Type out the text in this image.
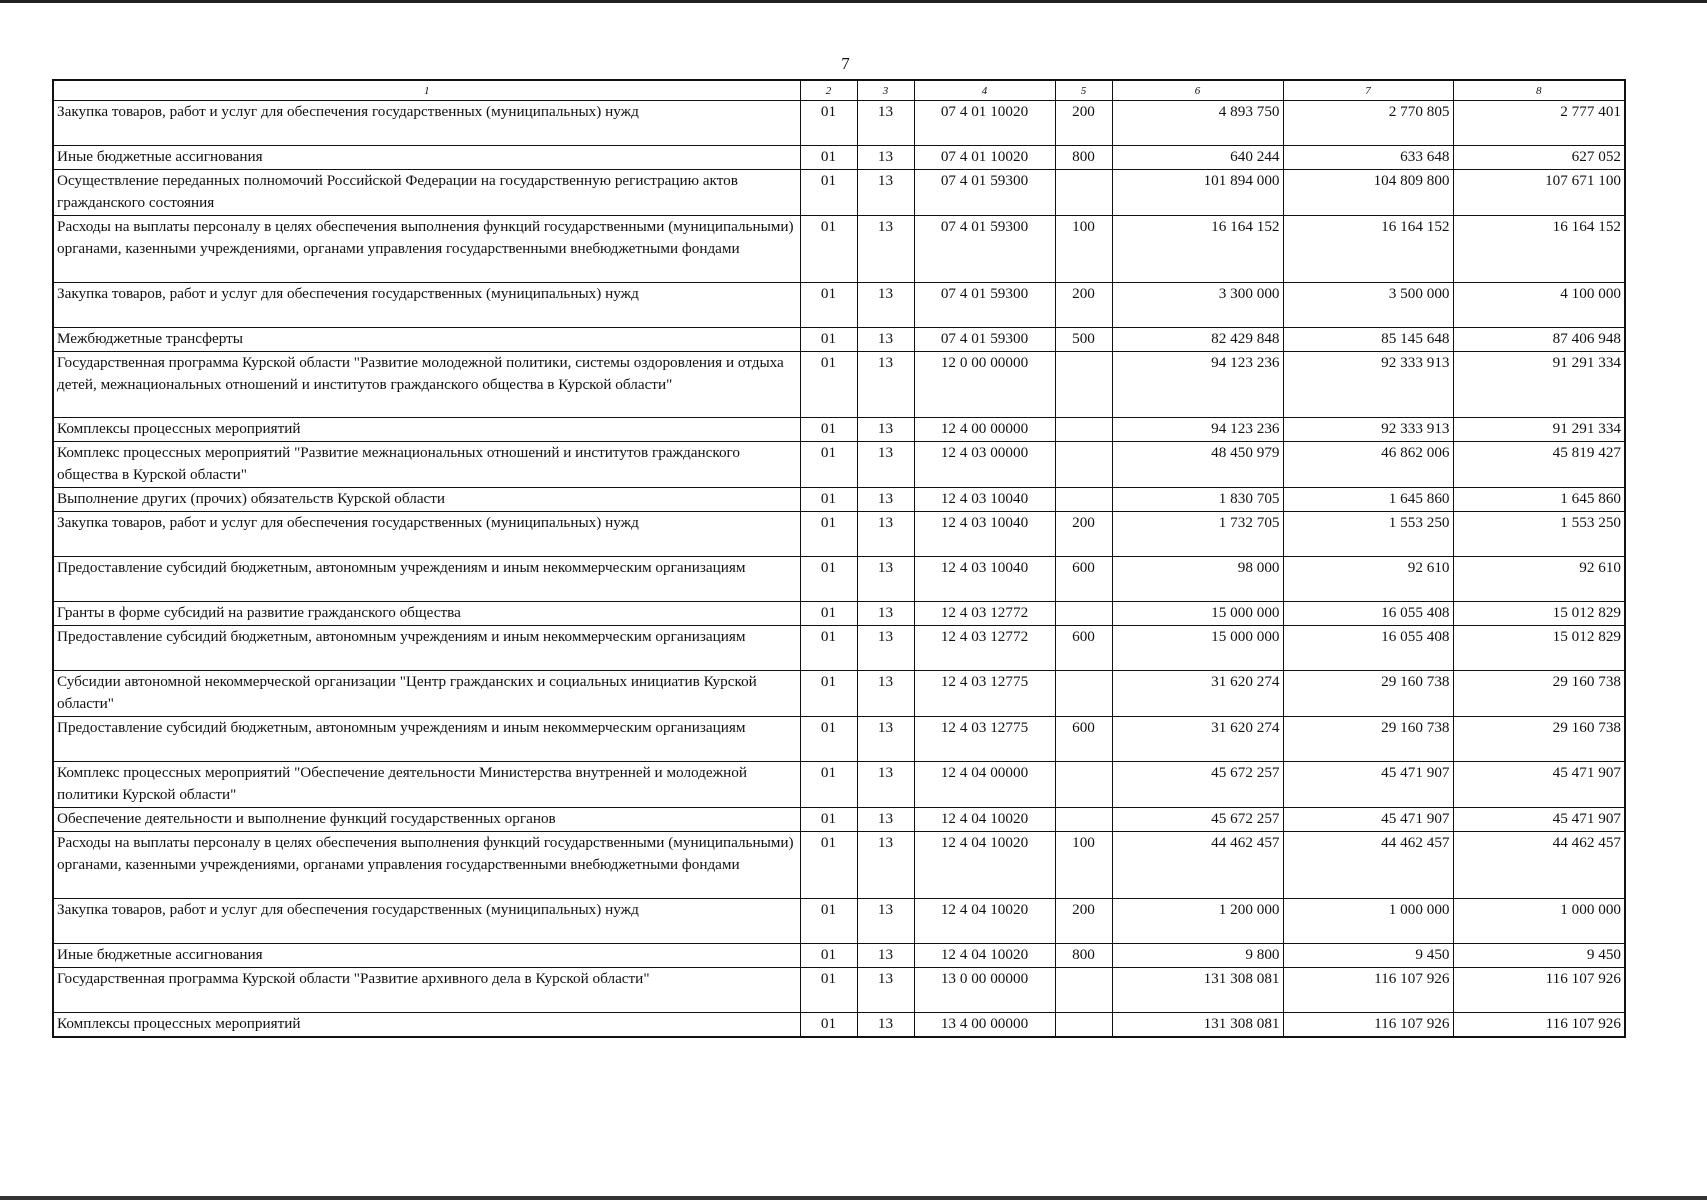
7
1	2	3	4	5	6	7	8
Закупка товаров, работ и услуг для обеспечения государственных (муниципальных) нужд	01	13	07 4 01 10020	200	4 893 750	2 770 805	2 777 401
Иные бюджетные ассигнования	01	13	07 4 01 10020	800	640 244	633 648	627 052
Осуществление переданных полномочий Российской Федерации на государственную регистрацию актов гражданского состояния	01	13	07 4 01 59300		101 894 000	104 809 800	107 671 100
Расходы на выплаты персоналу в целях обеспечения выполнения функций государственными (муниципальными) органами, казенными учреждениями, органами управления государственными внебюджетными фондами	01	13	07 4 01 59300	100	16 164 152	16 164 152	16 164 152
Закупка товаров, работ и услуг для обеспечения государственных (муниципальных) нужд	01	13	07 4 01 59300	200	3 300 000	3 500 000	4 100 000
Межбюджетные трансферты	01	13	07 4 01 59300	500	82 429 848	85 145 648	87 406 948
Государственная программа Курской области "Развитие молодежной политики, системы оздоровления и отдыха детей, межнациональных отношений и институтов гражданского общества в Курской области"	01	13	12 0 00 00000		94 123 236	92 333 913	91 291 334
Комплексы процессных мероприятий	01	13	12 4 00 00000		94 123 236	92 333 913	91 291 334
Комплекс процессных мероприятий "Развитие межнациональных отношений и институтов гражданского общества в Курской области"	01	13	12 4 03 00000		48 450 979	46 862 006	45 819 427
Выполнение других (прочих) обязательств Курской области	01	13	12 4 03 10040		1 830 705	1 645 860	1 645 860
Закупка товаров, работ и услуг для обеспечения государственных (муниципальных) нужд	01	13	12 4 03 10040	200	1 732 705	1 553 250	1 553 250
Предоставление субсидий бюджетным, автономным учреждениям и иным некоммерческим организациям	01	13	12 4 03 10040	600	98 000	92 610	92 610
Гранты в форме субсидий на развитие гражданского общества	01	13	12 4 03 12772		15 000 000	16 055 408	15 012 829
Предоставление субсидий бюджетным, автономным учреждениям и иным некоммерческим организациям	01	13	12 4 03 12772	600	15 000 000	16 055 408	15 012 829
Субсидии автономной некоммерческой организации "Центр гражданских и социальных инициатив Курской области"	01	13	12 4 03 12775		31 620 274	29 160 738	29 160 738
Предоставление субсидий бюджетным, автономным учреждениям и иным некоммерческим организациям	01	13	12 4 03 12775	600	31 620 274	29 160 738	29 160 738
Комплекс процессных мероприятий "Обеспечение деятельности Министерства внутренней и молодежной политики Курской области"	01	13	12 4 04 00000		45 672 257	45 471 907	45 471 907
Обеспечение деятельности и выполнение функций государственных органов	01	13	12 4 04 10020		45 672 257	45 471 907	45 471 907
Расходы на выплаты персоналу в целях обеспечения выполнения функций государственными (муниципальными) органами, казенными учреждениями, органами управления государственными внебюджетными фондами	01	13	12 4 04 10020	100	44 462 457	44 462 457	44 462 457
Закупка товаров, работ и услуг для обеспечения государственных (муниципальных) нужд	01	13	12 4 04 10020	200	1 200 000	1 000 000	1 000 000
Иные бюджетные ассигнования	01	13	12 4 04 10020	800	9 800	9 450	9 450
Государственная программа Курской области "Развитие архивного дела в Курской области"	01	13	13 0 00 00000		131 308 081	116 107 926	116 107 926
Комплексы процессных мероприятий	01	13	13 4 00 00000		131 308 081	116 107 926	116 107 926
